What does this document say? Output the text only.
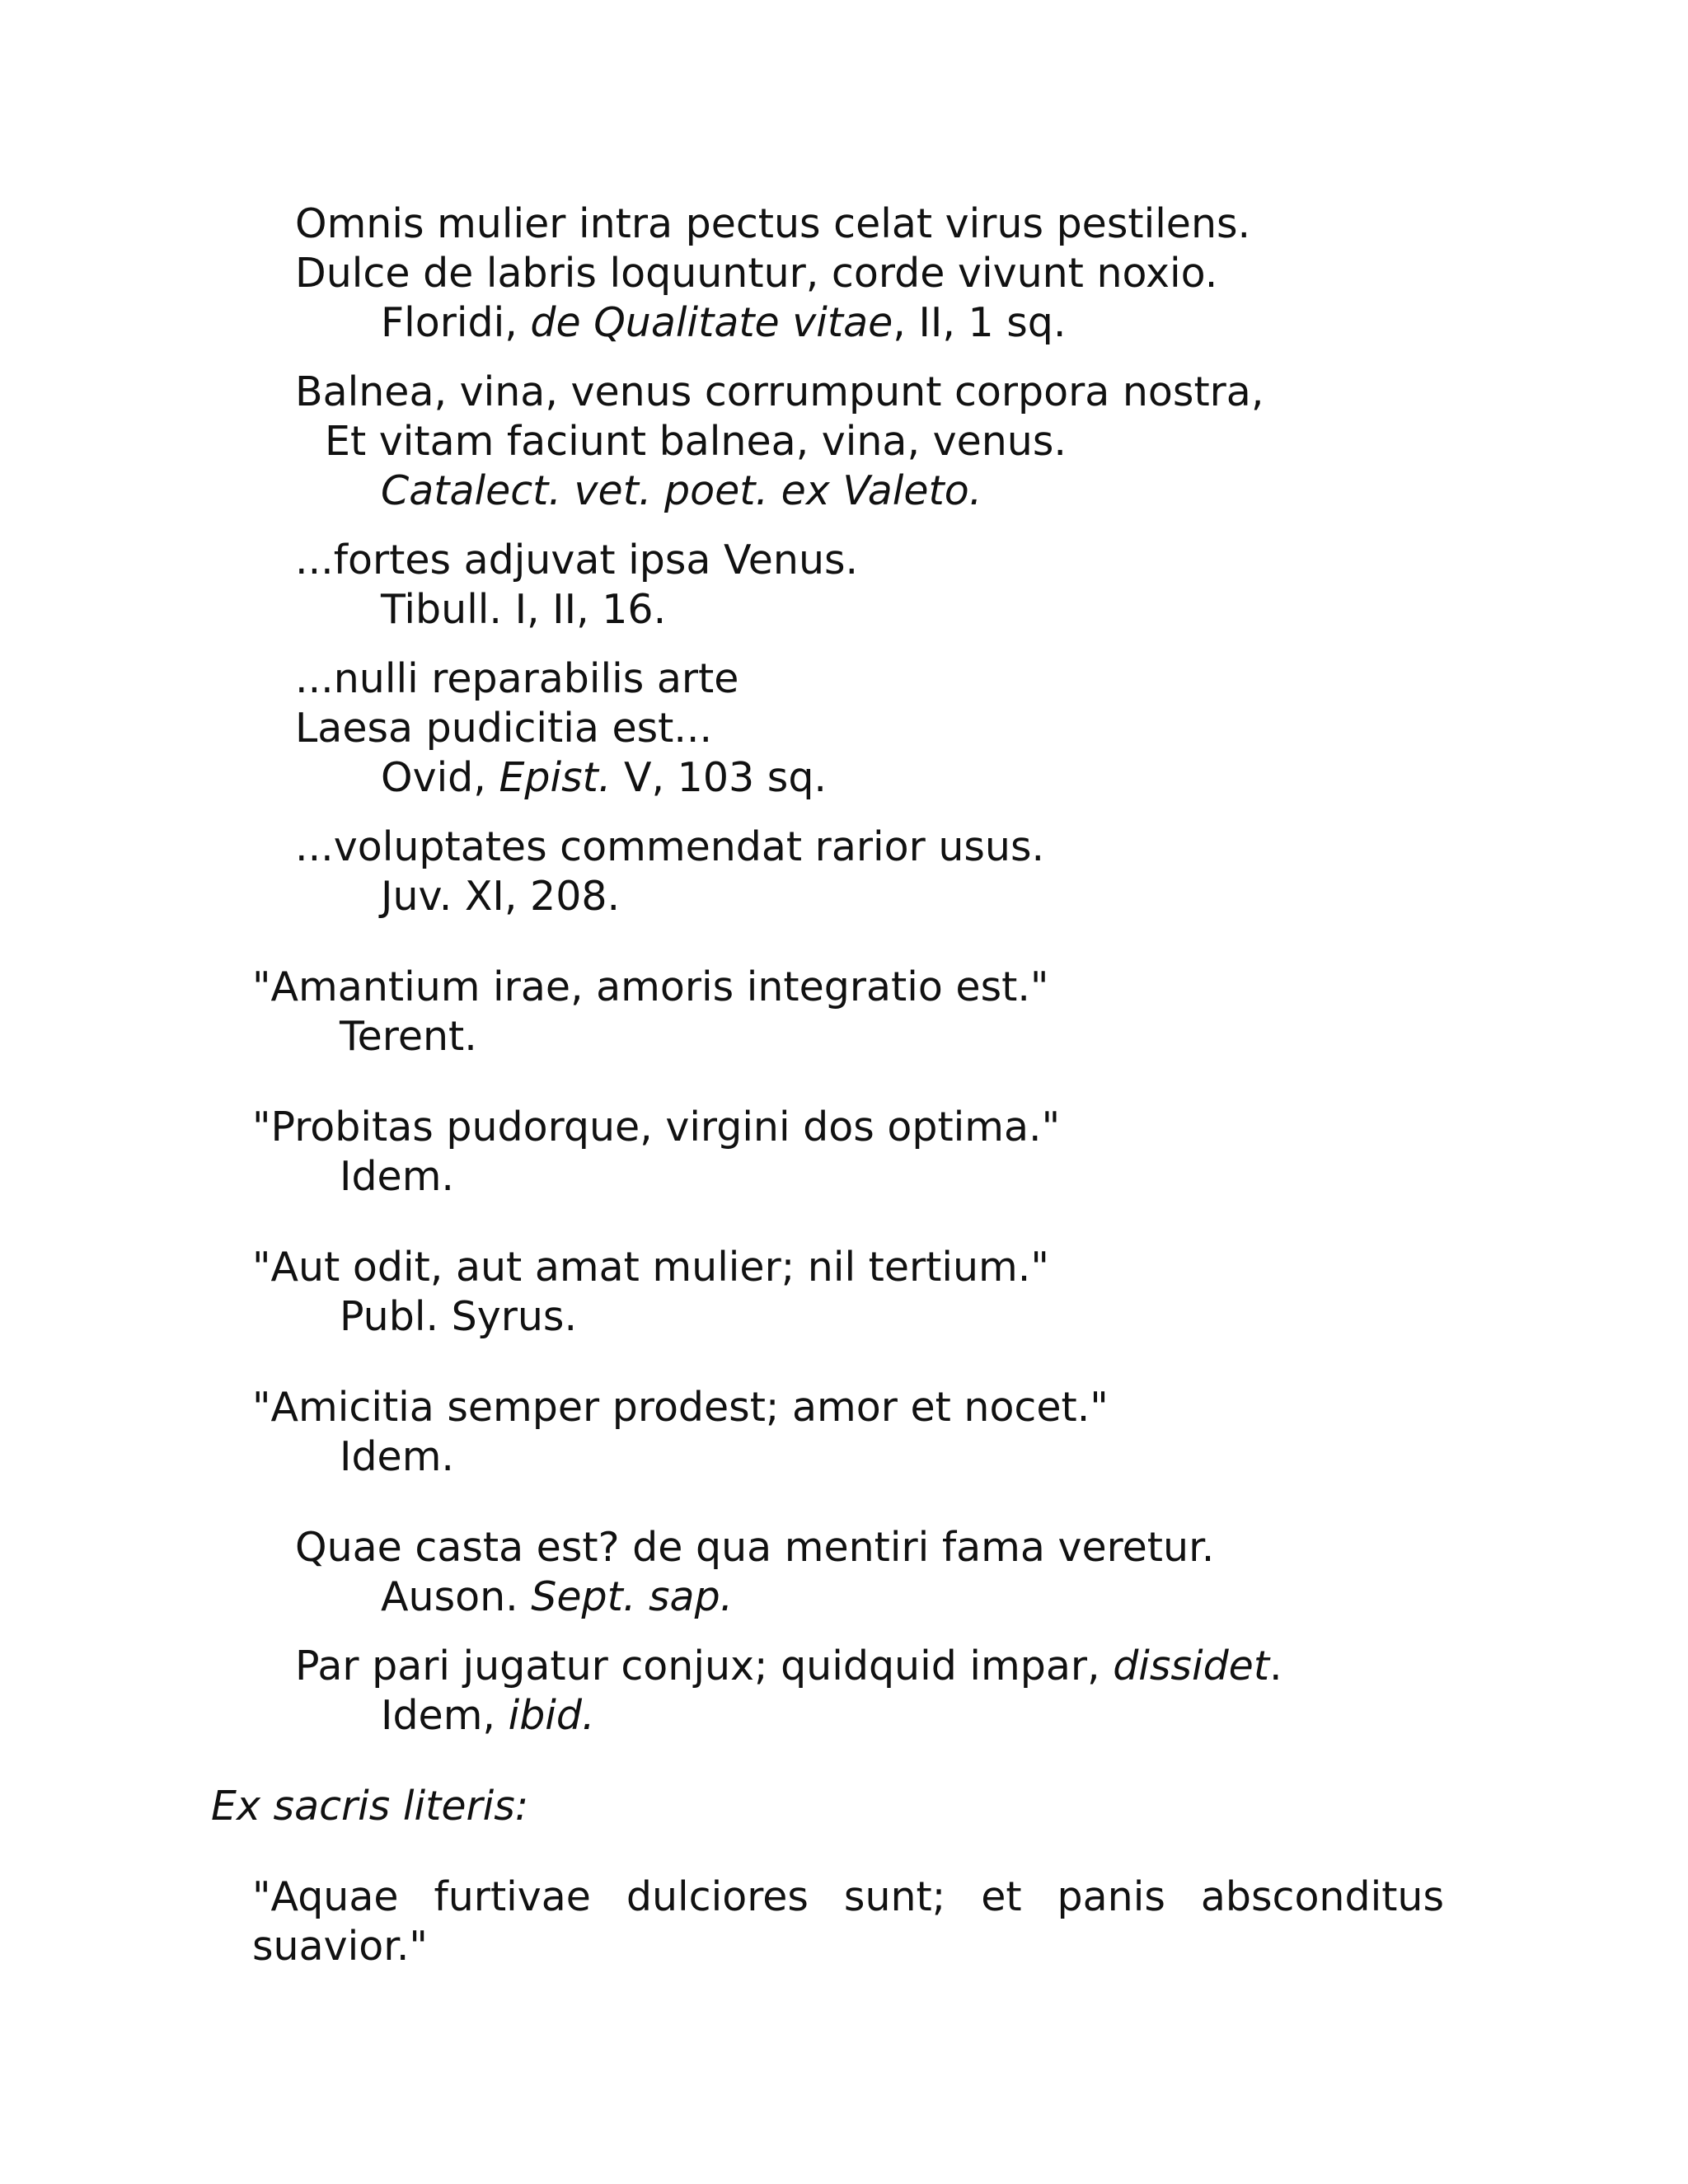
Omnis mulier intra pectus celat virus pestilens.
Dulce de labris loquuntur, corde vivunt noxio.
Floridi, de Qualitate vitae, II, 1 sq.
Balnea, vina, venus corrumpunt corpora nostra,
Et vitam faciunt balnea, vina, venus.
Catalect. vet. poet. ex Valeto.
...fortes adjuvat ipsa Venus.
Tibull. I, II, 16.
...nulli reparabilis arte
Laesa pudicitia est...
Ovid, Epist. V, 103 sq.
...voluptates commendat rarior usus.
Juv. XI, 208.
"Amantium irae, amoris integratio est."
Terent.
"Probitas pudorque, virgini dos optima."
Idem.
"Aut odit, aut amat mulier; nil tertium."
Publ. Syrus.
"Amicitia semper prodest; amor et nocet."
Idem.
Quae casta est? de qua mentiri fama veretur.
Auson. Sept. sap.
Par pari jugatur conjux; quidquid impar, dissidet.
Idem, ibid.
Ex sacris literis:
"Aquae furtivae dulciores sunt; et panis absconditus suavior."
